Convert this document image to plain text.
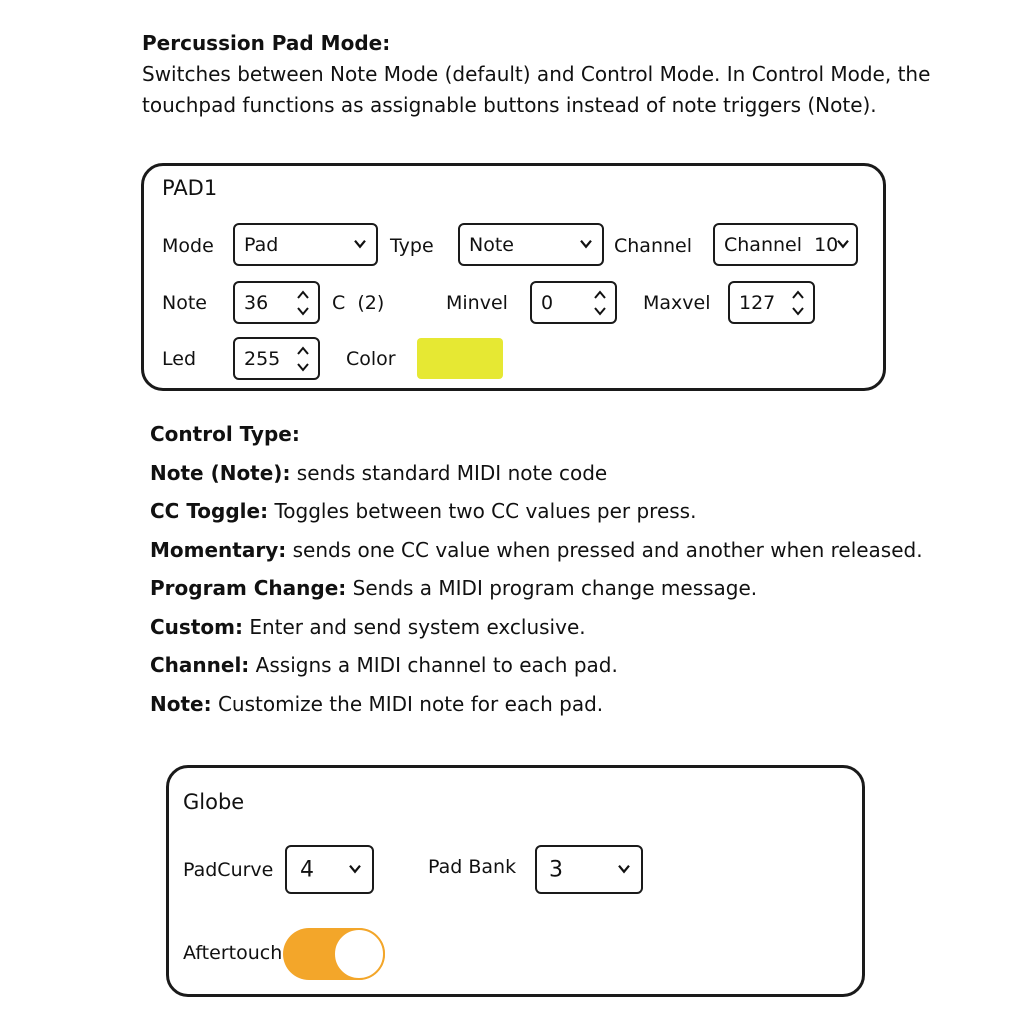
Percussion Pad Mode:
Switches between Note Mode (default) and Control Mode. In Control Mode, the touchpad functions as assignable buttons instead of note triggers (Note).
PAD1
Mode Pad	Type Note	Channel Channel  10
Note 36	C  (2)	Minvel 0	Maxvel 127
Led	255	Color
Control Type:
Note (Note): sends standard MIDI note code
CC Toggle: Toggles between two CC values per press.
Momentary: sends one CC value when pressed and another when released.
Program Change: Sends a MIDI program change message.
Custom: Enter and send system exclusive.
Channel: Assigns a MIDI channel to each pad.
Note: Customize the MIDI note for each pad.
Globe
PadCurve 4	Pad Bank 3
Aftertouch
